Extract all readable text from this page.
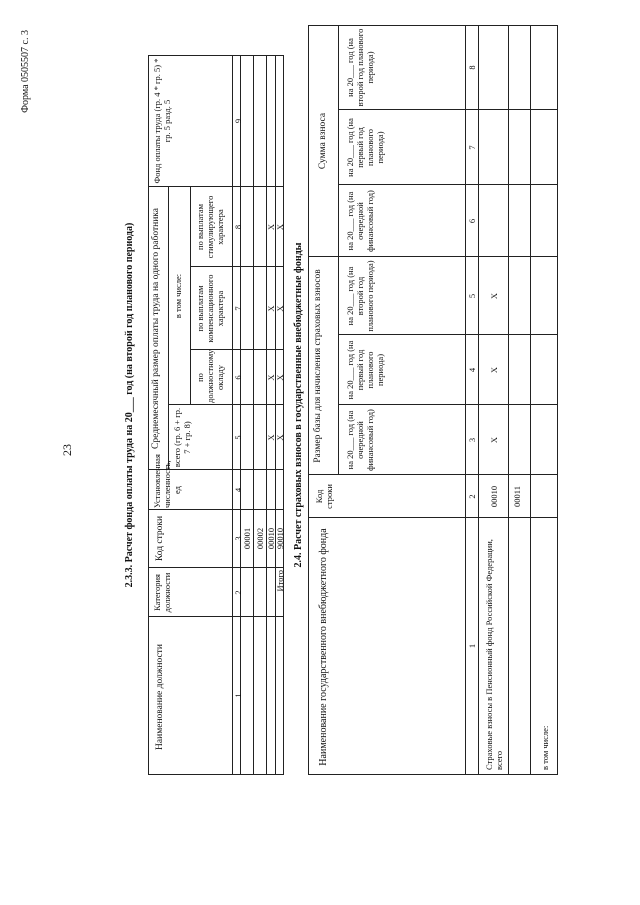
23
Форма 0505507 с. 3
2.3.3. Расчет фонда оплаты труда на 20___ год (на второй год планового периода)
Наименование должности
Категория должности
Код строки
Установленная численность, ед
Среднемесячный размер оплаты труда на одного работника всего (гр. 6 + гр. 7 + гр. 8)
в том числе:
по должностному окладу
по выплатам компенсационного характера
по выплатам стимулирующего характера
Фонд оплаты труда (гр. 4 * гр. 5) * гр. 5 разд. 5
1
2
3
4
5
6
7
8
9
00001 00002 00010
X
X
X
X
90010
X
X
X
X
Итого
2.4. Расчет страховых взносов в государственные внебюджетные фонды
Наименование государственного внебюджетного фонда
Код строки
Размер базы для начисления страховых взносов
Сумма взноса
на 20___ год (на очередной финансовый год)
на 20___ год (на первый год планового периода)
на 20___ год (на второй год планового периода)
на 20___ год (на очередной финансовый год)
на 20___ год (на первый год планового периода)
на 20___ год (на второй год планового периода)
1
2
3
4
5
6
7
8
Страховые взносы в Пенсионный фонд Российской Федерации, всего
00010
X
X
X
в том числе:
00011
